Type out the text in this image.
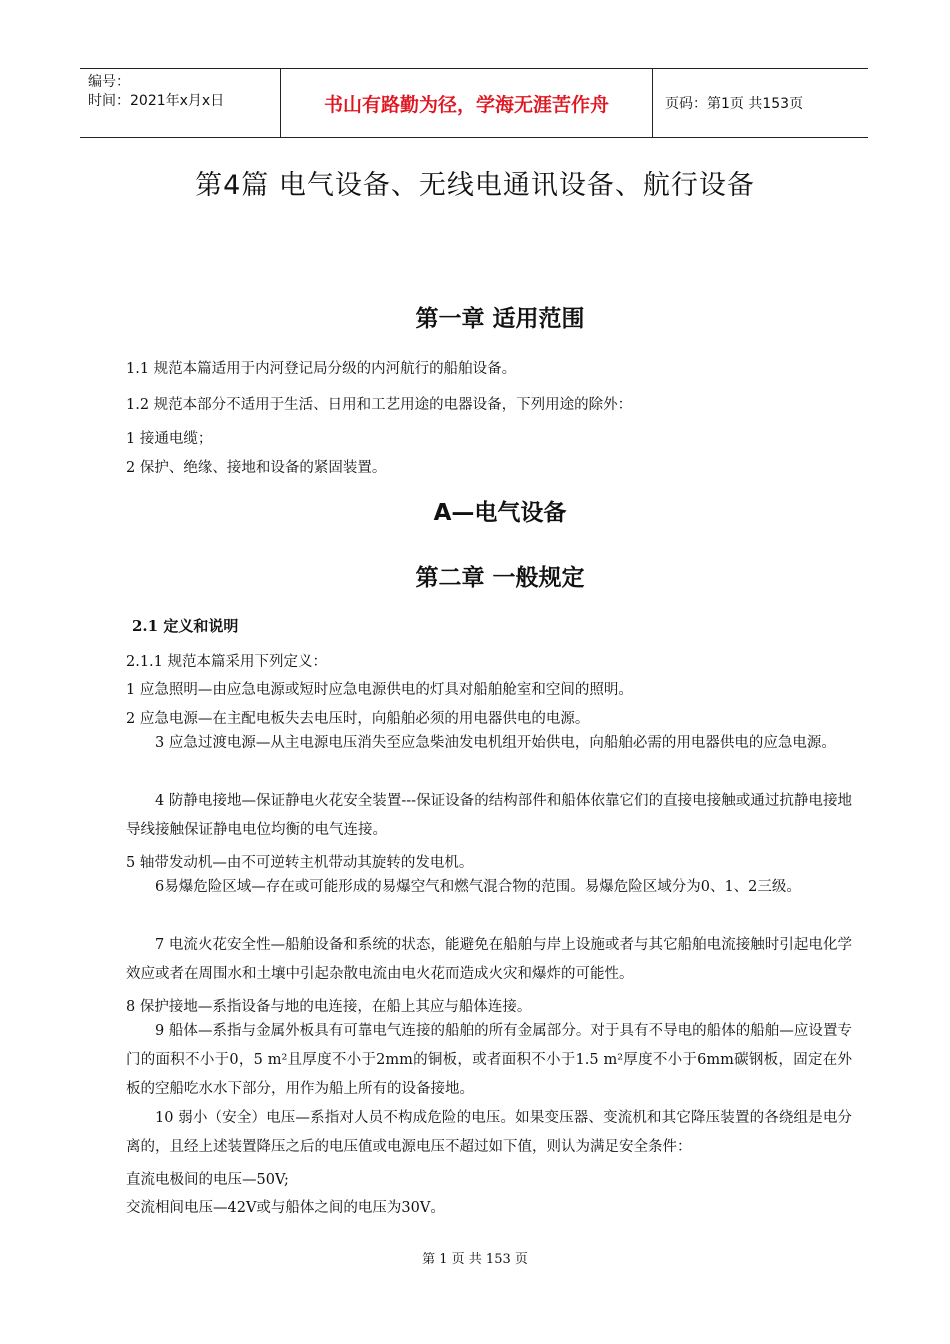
编号：
时间：2021年x月x日	书山有路勤为径，学海无涯苦作舟	页码：第1页 共153页
第4篇 电气设备、无线电通讯设备、航行设备
第一章 适用范围
1.1 规范本篇适用于内河登记局分级的内河航行的船舶设备。
1.2 规范本部分不适用于生活、日用和工艺用途的电器设备，下列用途的除外：
1 接通电缆；
2 保护、绝缘、接地和设备的紧固装置。
A—电气设备
第二章 一般规定
2.1 定义和说明
2.1.1 规范本篇采用下列定义：
1 应急照明—由应急电源或短时应急电源供电的灯具对船舶舱室和空间的照明。
2 应急电源—在主配电板失去电压时，向船舶必须的用电器供电的电源。
3 应急过渡电源—从主电源电压消失至应急柴油发电机组开始供电，向船舶必需的用电器供电的应急电源。
4 防静电接地—保证静电火花安全装置---保证设备的结构部件和船体依靠它们的直接电接触或通过抗静电接地导线接触保证静电电位均衡的电气连接。
5 轴带发动机—由不可逆转主机带动其旋转的发电机。
6易爆危险区域—存在或可能形成的易爆空气和燃气混合物的范围。易爆危险区域分为0、1、2三级。
7 电流火花安全性—船舶设备和系统的状态，能避免在船舶与岸上设施或者与其它船舶电流接触时引起电化学效应或者在周围水和土壤中引起杂散电流由电火花而造成火灾和爆炸的可能性。
8 保护接地—系指设备与地的电连接，在船上其应与船体连接。
9 船体—系指与金属外板具有可靠电气连接的船舶的所有金属部分。对于具有不导电的船体的船舶—应设置专门的面积不小于0，5 m²且厚度不小于2mm的铜板，或者面积不小于1.5 m²厚度不小于6mm碳钢板，固定在外板的空船吃水水下部分，用作为船上所有的设备接地。
10 弱小（安全）电压—系指对人员不构成危险的电压。如果变压器、变流机和其它降压装置的各绕组是电分离的，且经上述装置降压之后的电压值或电源电压不超过如下值，则认为满足安全条件：
直流电极间的电压—50V;
交流相间电压—42V或与船体之间的电压为30V。
第 1 页 共 153 页
